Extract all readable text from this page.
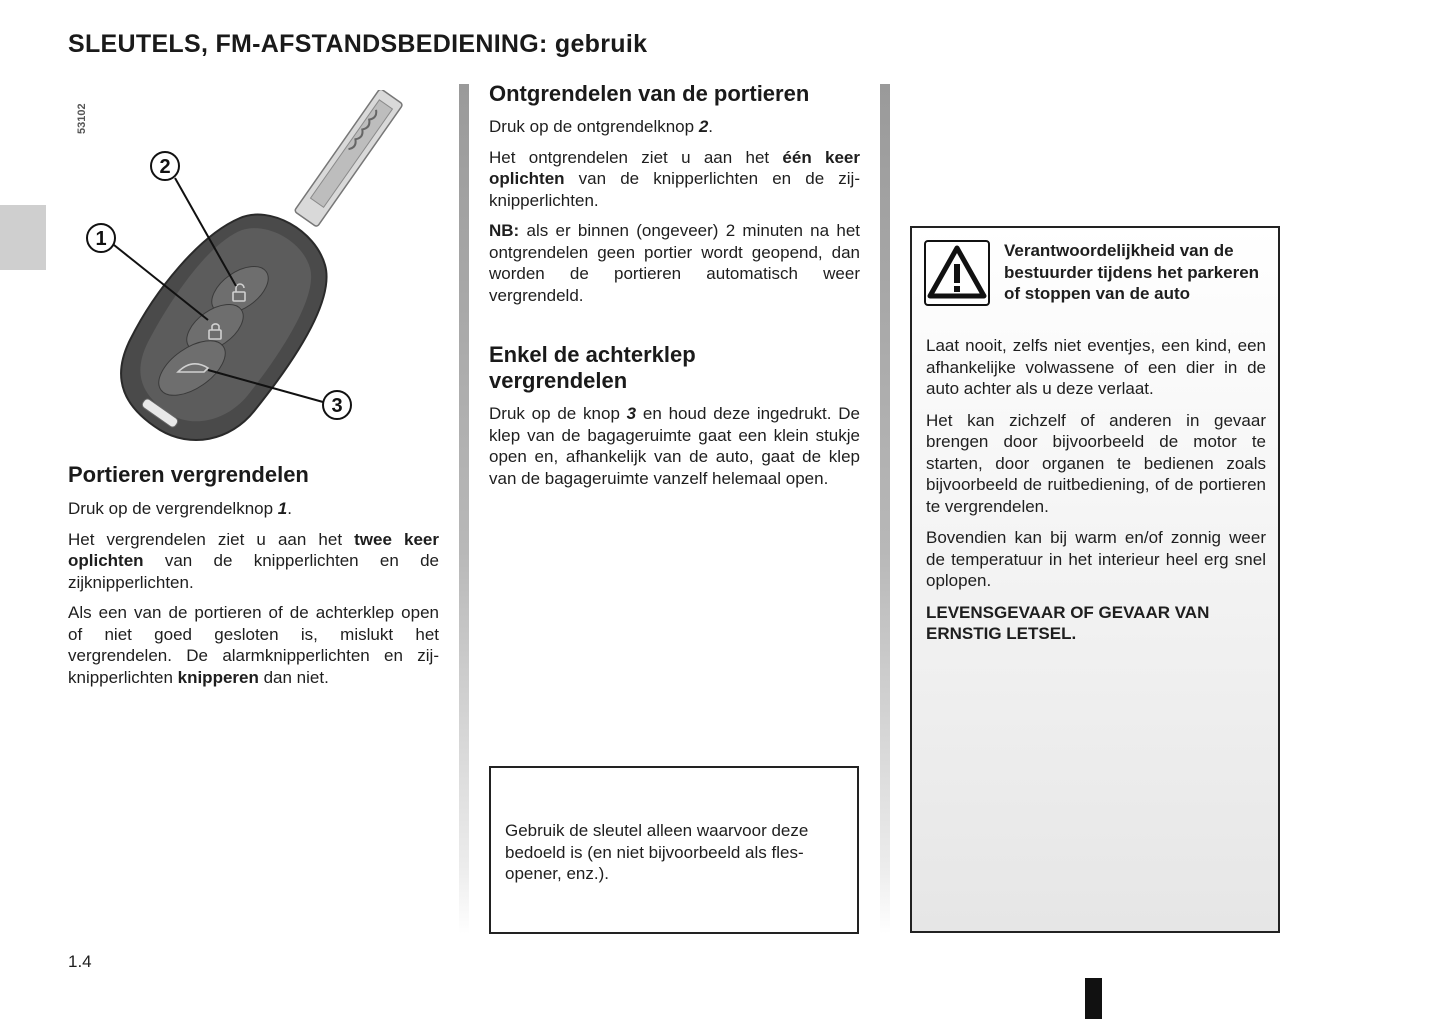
SLEUTELS, FM-AFSTANDSBEDIENING: gebruik
53102
2
1
3
Portieren vergrendelen

Druk op de vergrendelknop 1.

Het vergrendelen ziet u aan het twee keer oplichten van de knipperlichten en de zijknipperlichten.

Als een van de portieren of de achterklep open of niet goed gesloten is, mislukt het vergrendelen. De alarmknipperlichten en zijknipperlichten knipperen dan niet.

Ontgrendelen van de portieren

Druk op de ontgrendelknop 2.

Het ontgrendelen ziet u aan het één keer oplichten van de knipperlichten en de zijknipperlichten.

NB: als er binnen (ongeveer) 2 minuten na het ontgrendelen geen portier wordt geopend, dan worden de portieren automatisch weer vergrendeld.

Enkel de achterklep vergrendelen

Druk op de knop 3 en houd deze ingedrukt. De klep van de bagageruimte gaat een klein stukje open en, afhankelijk van de auto, gaat de klep van de bagageruimte vanzelf helemaal open.

Gebruik de sleutel alleen waarvoor deze bedoeld is (en niet bijvoorbeeld als flesopener, enz.).

Verantwoordelijkheid van de bestuurder tijdens het parkeren of stoppen van de auto

Laat nooit, zelfs niet eventjes, een kind, een afhankelijke volwassene of een dier in de auto achter als u deze verlaat.

Het kan zichzelf of anderen in gevaar brengen door bijvoorbeeld de motor te starten, door organen te bedienen zoals bijvoorbeeld de ruitbediening, of de portieren te vergrendelen.

Bovendien kan bij warm en/of zonnig weer de temperatuur in het interieur heel erg snel oplopen.

LEVENSGEVAAR OF GEVAAR VAN ERNSTIG LETSEL.

1.4
